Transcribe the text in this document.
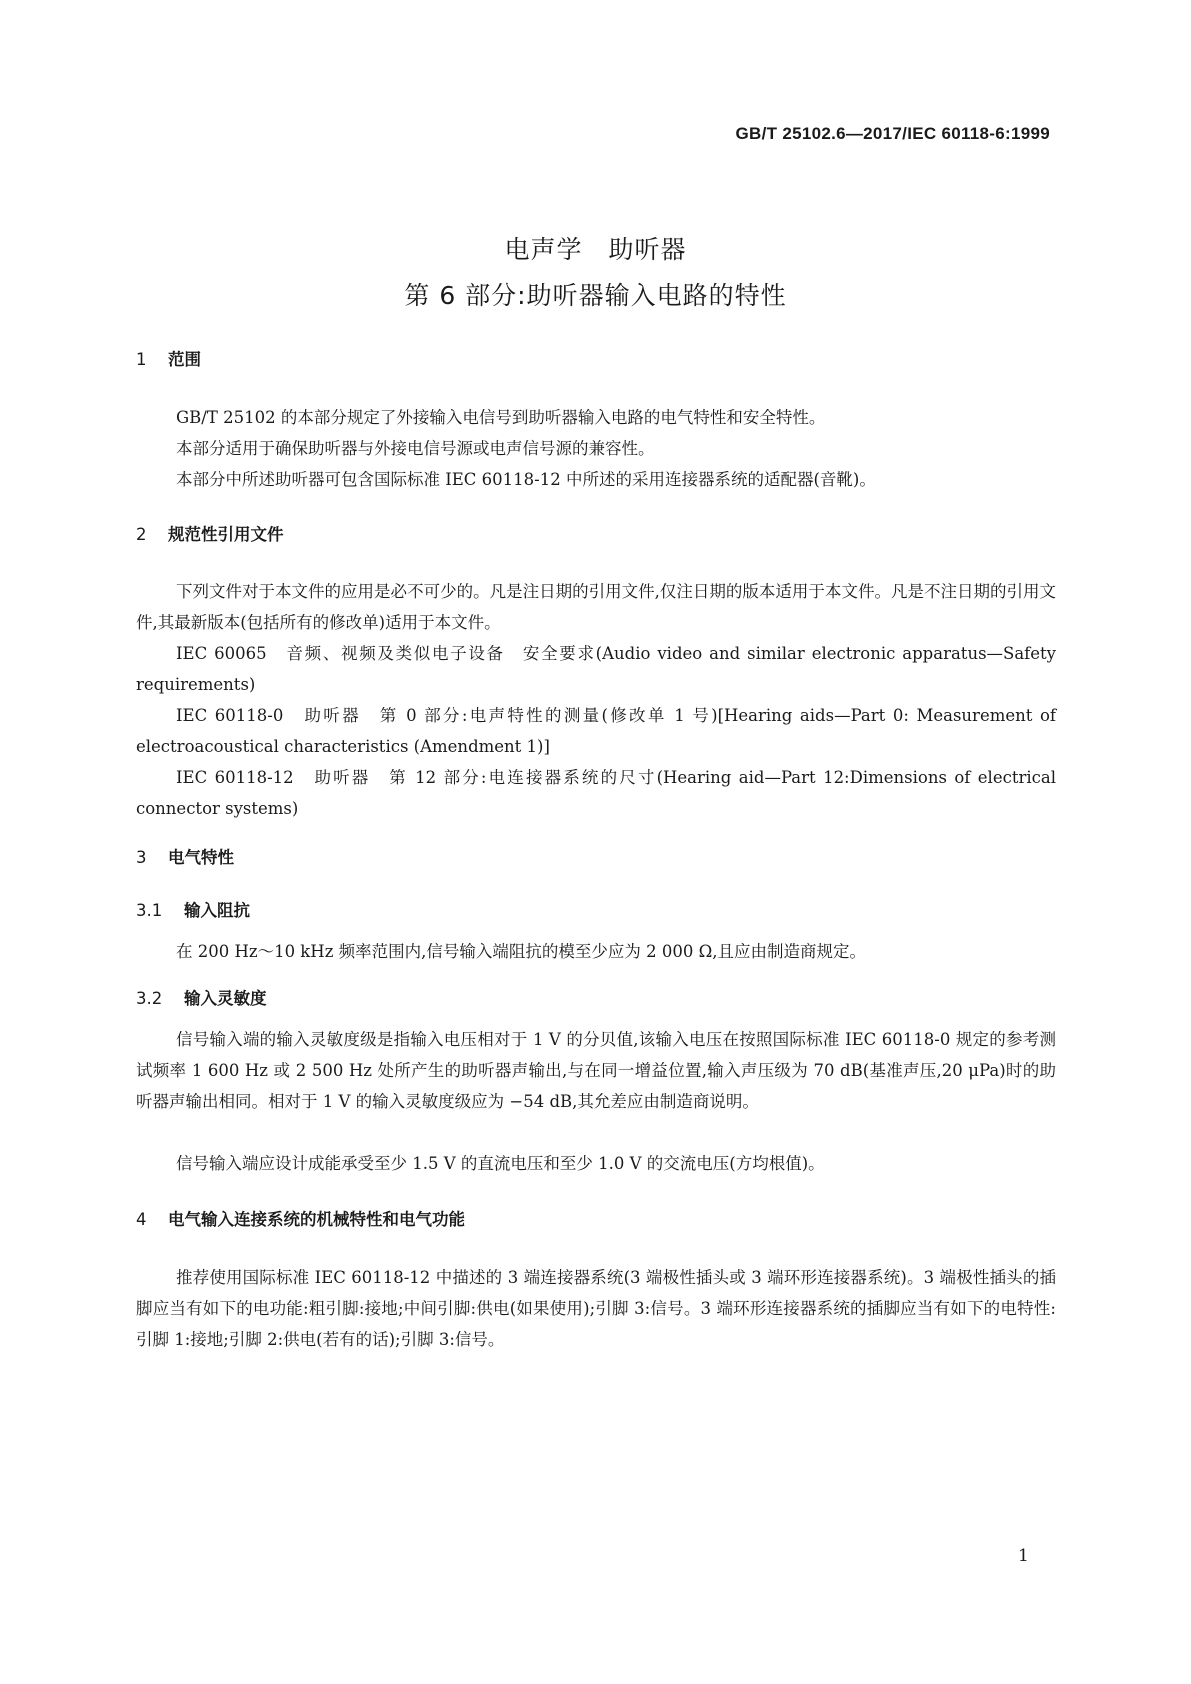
GB/T 25102.6—2017/IEC 60118-6:1999
电声学　助听器
第 6 部分:助听器输入电路的特性
1 范围
GB/T 25102 的本部分规定了外接输入电信号到助听器输入电路的电气特性和安全特性。
本部分适用于确保助听器与外接电信号源或电声信号源的兼容性。
本部分中所述助听器可包含国际标准 IEC 60118-12 中所述的采用连接器系统的适配器(音靴)。
2 规范性引用文件
下列文件对于本文件的应用是必不可少的。凡是注日期的引用文件,仅注日期的版本适用于本文件。凡是不注日期的引用文件,其最新版本(包括所有的修改单)适用于本文件。
IEC 60065　音频、视频及类似电子设备　安全要求(Audio video and similar electronic apparatus—Safety requirements)
IEC 60118-0　助听器　第 0 部分:电声特性的测量(修改单 1 号)[Hearing aids—Part 0: Measurement of electroacoustical characteristics (Amendment 1)]
IEC 60118-12　助听器　第 12 部分:电连接器系统的尺寸(Hearing aid—Part 12:Dimensions of electrical connector systems)
3 电气特性
3.1 输入阻抗
在 200 Hz～10 kHz 频率范围内,信号输入端阻抗的模至少应为 2 000 Ω,且应由制造商规定。
3.2 输入灵敏度
信号输入端的输入灵敏度级是指输入电压相对于 1 V 的分贝值,该输入电压在按照国际标准 IEC 60118-0 规定的参考测试频率 1 600 Hz 或 2 500 Hz 处所产生的助听器声输出,与在同一增益位置,输入声压级为 70 dB(基准声压,20 μPa)时的助听器声输出相同。相对于 1 V 的输入灵敏度级应为 −54 dB,其允差应由制造商说明。
信号输入端应设计成能承受至少 1.5 V 的直流电压和至少 1.0 V 的交流电压(方均根值)。
4 电气输入连接系统的机械特性和电气功能
推荐使用国际标准 IEC 60118-12 中描述的 3 端连接器系统(3 端极性插头或 3 端环形连接器系统)。3 端极性插头的插脚应当有如下的电功能:粗引脚:接地;中间引脚:供电(如果使用);引脚 3:信号。3 端环形连接器系统的插脚应当有如下的电特性:引脚 1:接地;引脚 2:供电(若有的话);引脚 3:信号。
1
